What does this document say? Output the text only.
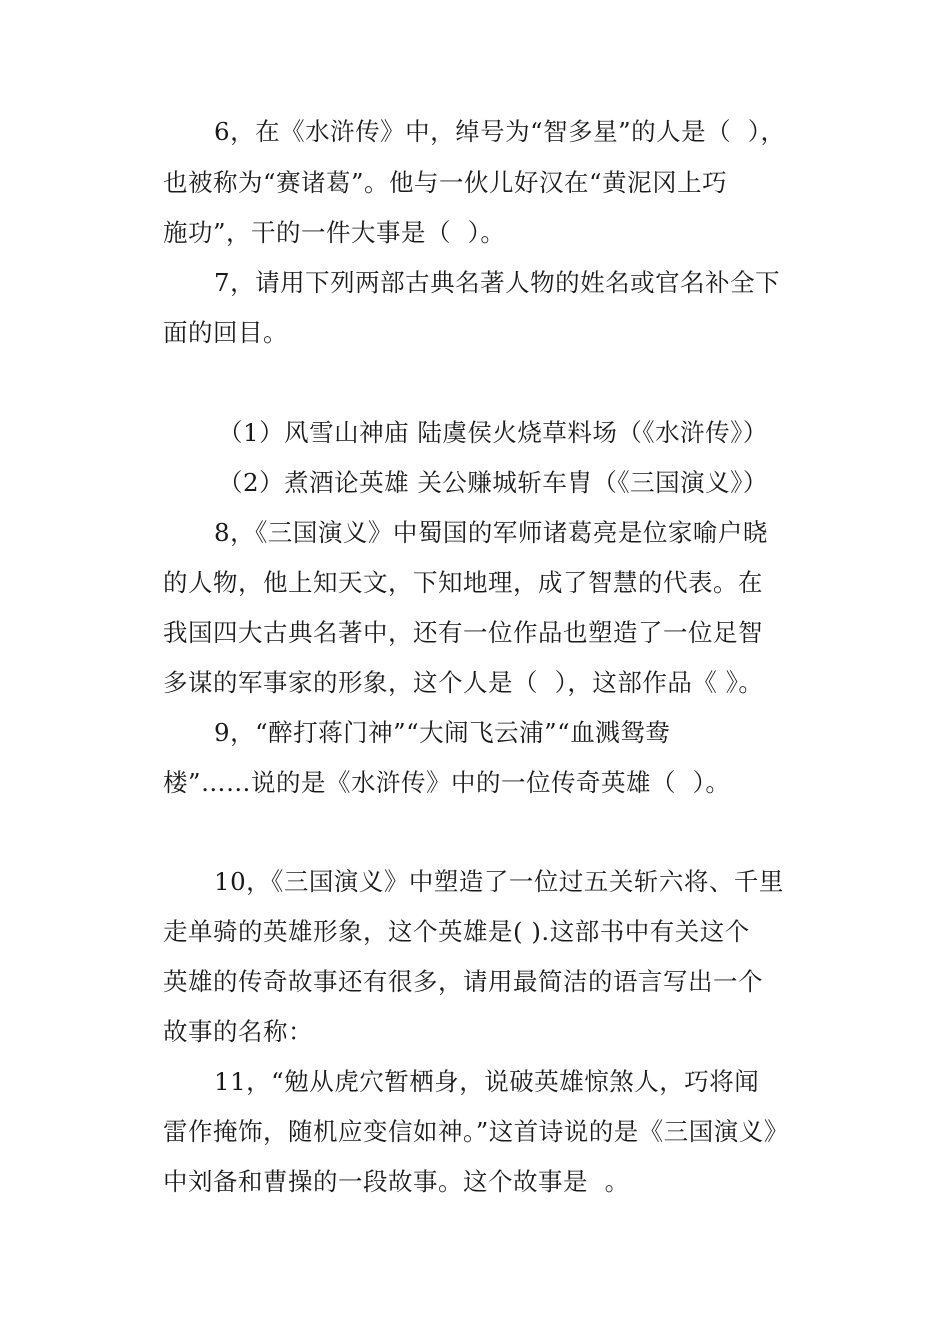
6，在《水浒传》中，绰号为“智多星”的人是（  ），
也被称为“赛诸葛”。他与一伙儿好汉在“黄泥冈上巧
施功”，干的一件大事是（  ）。
7，请用下列两部古典名著人物的姓名或官名补全下
面的回目。
（1）风雪山神庙 陆虞侯火烧草料场（《水浒传》）
（2）煮酒论英雄 关公赚城斩车胄（《三国演义》）
8，《三国演义》中蜀国的军师诸葛亮是位家喻户晓
的人物，他上知天文，下知地理，成了智慧的代表。在
我国四大古典名著中，还有一位作品也塑造了一位足智
多谋的军事家的形象，这个人是（  ），这部作品《 》。
9，“醉打蒋门神”“大闹飞云浦”“血溅鸳鸯
楼”……说的是《水浒传》中的一位传奇英雄（  ）。
10，《三国演义》中塑造了一位过五关斩六将、千里
走单骑的英雄形象，这个英雄是( ).这部书中有关这个
英雄的传奇故事还有很多，请用最简洁的语言写出一个
故事的名称：
11，“勉从虎穴暂栖身，说破英雄惊煞人，巧将闻
雷作掩饰，随机应变信如神。”这首诗说的是《三国演义》
中刘备和曹操的一段故事。这个故事是  。
